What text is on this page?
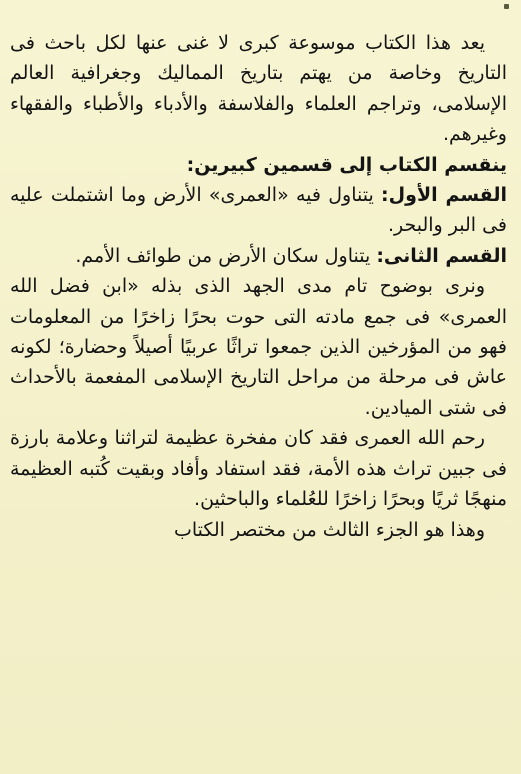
يعد هذا الكتاب موسوعة كبرى لا غنى عنها لكل باحث فى التاريخ وخاصة من يهتم بتاريخ المماليك وجغرافية العالم الإسلامى، وتراجم العلماء والفلاسفة والأدباء والأطباء والفقهاء وغيرهم.

ينقسم الكتاب إلى قسمين كبيرين:

القسم الأول: يتناول فيه «العمرى» الأرض وما اشتملت عليه فى البر والبحر.

القسم الثانى: يتناول سكان الأرض من طوائف الأمم.

ونرى بوضوح تام مدى الجهد الذى بذله «ابن فضل الله العمرى» فى جمع مادته التى حوت بحرًا زاخرًا من المعلومات فهو من المؤرخين الذين جمعوا تراثًا عربيًا أصيلاً وحضارة؛ لكونه عاش فى مرحلة من مراحل التاريخ الإسلامى المفعمة بالأحداث فى شتى الميادين.

رحم الله العمرى فقد كان مفخرة عظيمة لتراثنا وعلامة بارزة فى جبين تراث هذه الأمة، فقد استفاد وأفاد وبقيت كُتبه العظيمة منهجًا ثريًا وبحرًا زاخرًا للعُلماء والباحثين.

وهذا هو الجزء الثالث من مختصر الكتاب
